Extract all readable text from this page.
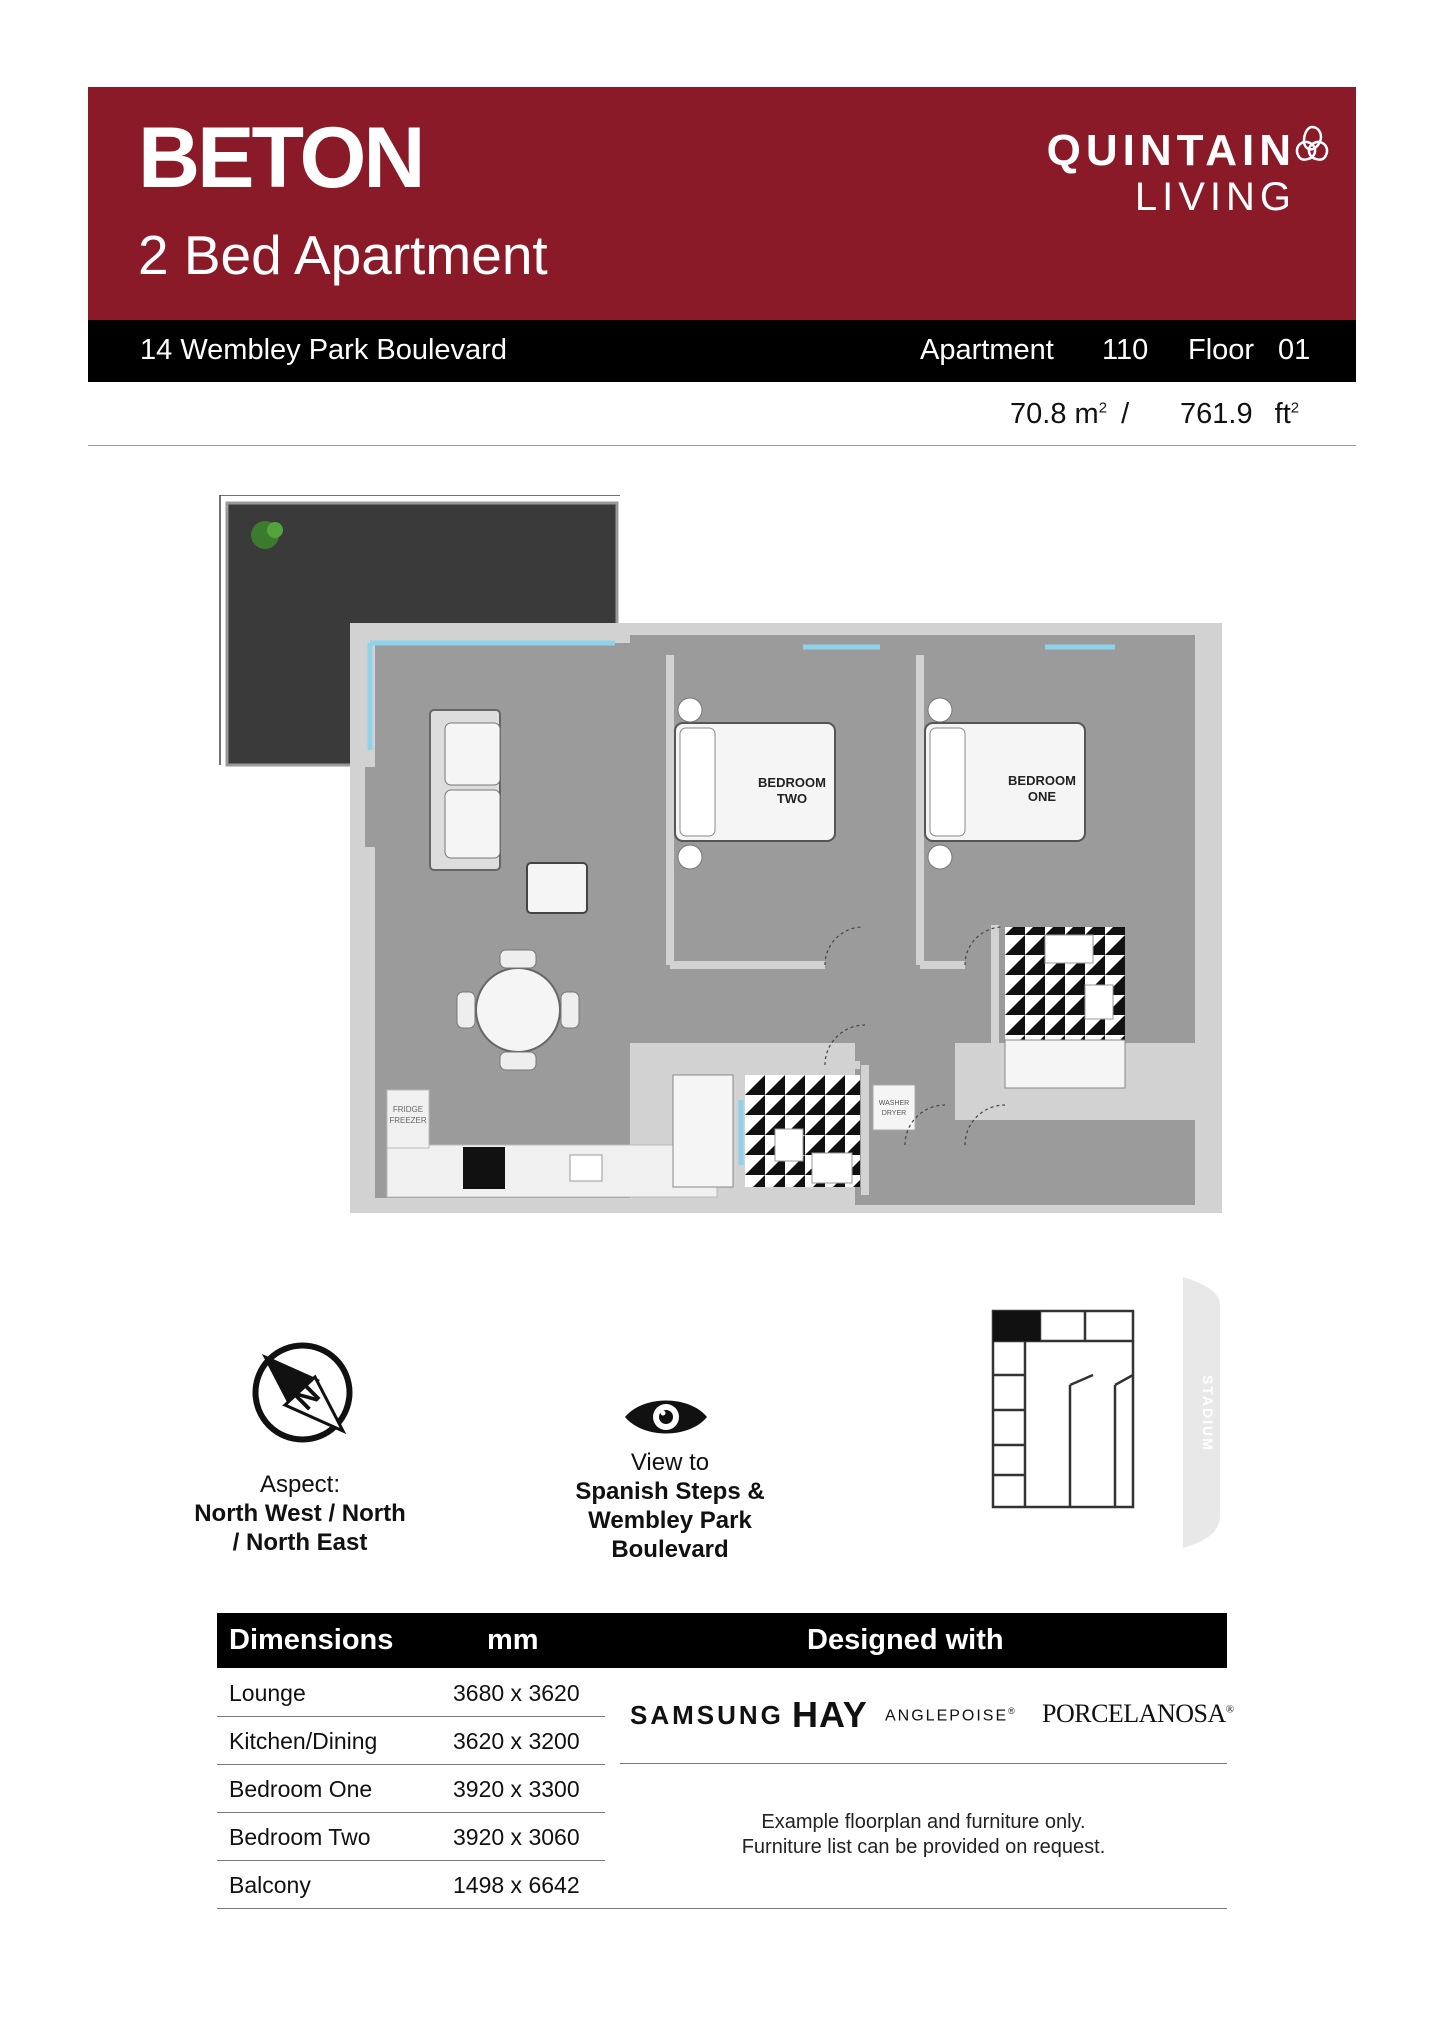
BETON
2 Bed Apartment
QUINTAIN
LIVING
14 Wembley Park Boulevard	Apartment 110 Floor 01
70.8 $m^2 / 761.9$ $ft^2$
FRIDGE
FREEZER
BEDROOM
TWO
BEDROOM
ONE
WASHER
DRYER
N
Aspect:
North West / North
/ North East
View to
Spanish Steps &
Wembley Park
Boulevard
STADIUM
Dimensions	mm	Designed with
Lounge	3680 x 3620
Kitchen/Dining	3620 x 3200
Bedroom One	3920 x 3300
Bedroom Two	3920 x 3060
Balcony	1498 x 6642
SAMSUNG HAY ANGLEPOISE® PORCELANOSA®
Example floorplan and furniture only.
Furniture list can be provided on request.
